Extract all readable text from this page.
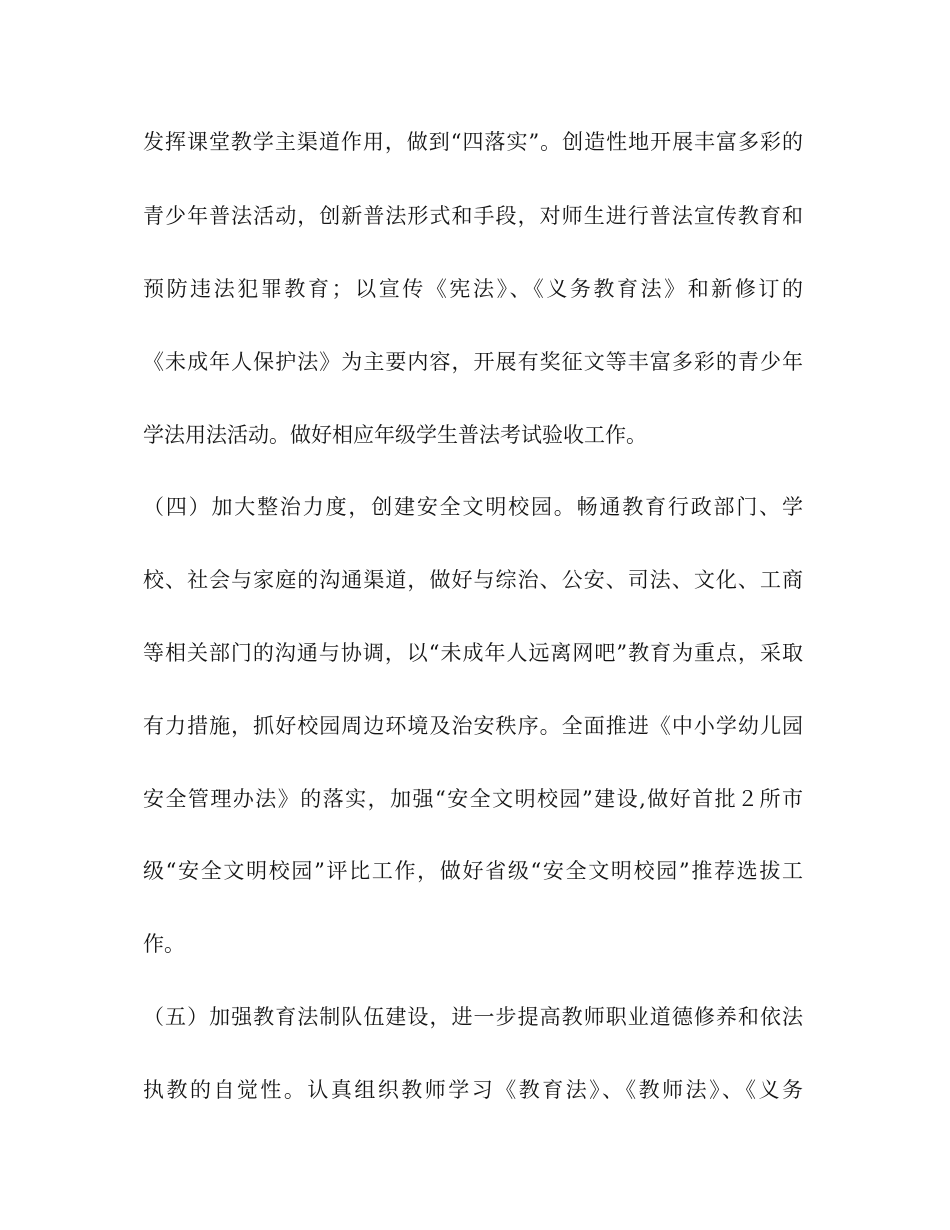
发挥课堂教学主渠道作用，做到“四落实”。创造性地开展丰富多彩的
青少年普法活动，创新普法形式和手段，对师生进行普法宣传教育和
预防违法犯罪教育；以宣传《宪法》、《义务教育法》和新修订的
《未成年人保护法》为主要内容，开展有奖征文等丰富多彩的青少年
学法用法活动。做好相应年级学生普法考试验收工作。
（四）加大整治力度，创建安全文明校园。畅通教育行政部门、学
校、社会与家庭的沟通渠道，做好与综治、公安、司法、文化、工商
等相关部门的沟通与协调，以“未成年人远离网吧”教育为重点，采取
有力措施，抓好校园周边环境及治安秩序。全面推进《中小学幼儿园
安全管理办法》的落实，加强“安全文明校园”建设,做好首批２所市
级“安全文明校园”评比工作，做好省级“安全文明校园”推荐选拔工
作。
（五）加强教育法制队伍建设，进一步提高教师职业道德修养和依法
执教的自觉性。认真组织教师学习《教育法》、《教师法》、《义务
